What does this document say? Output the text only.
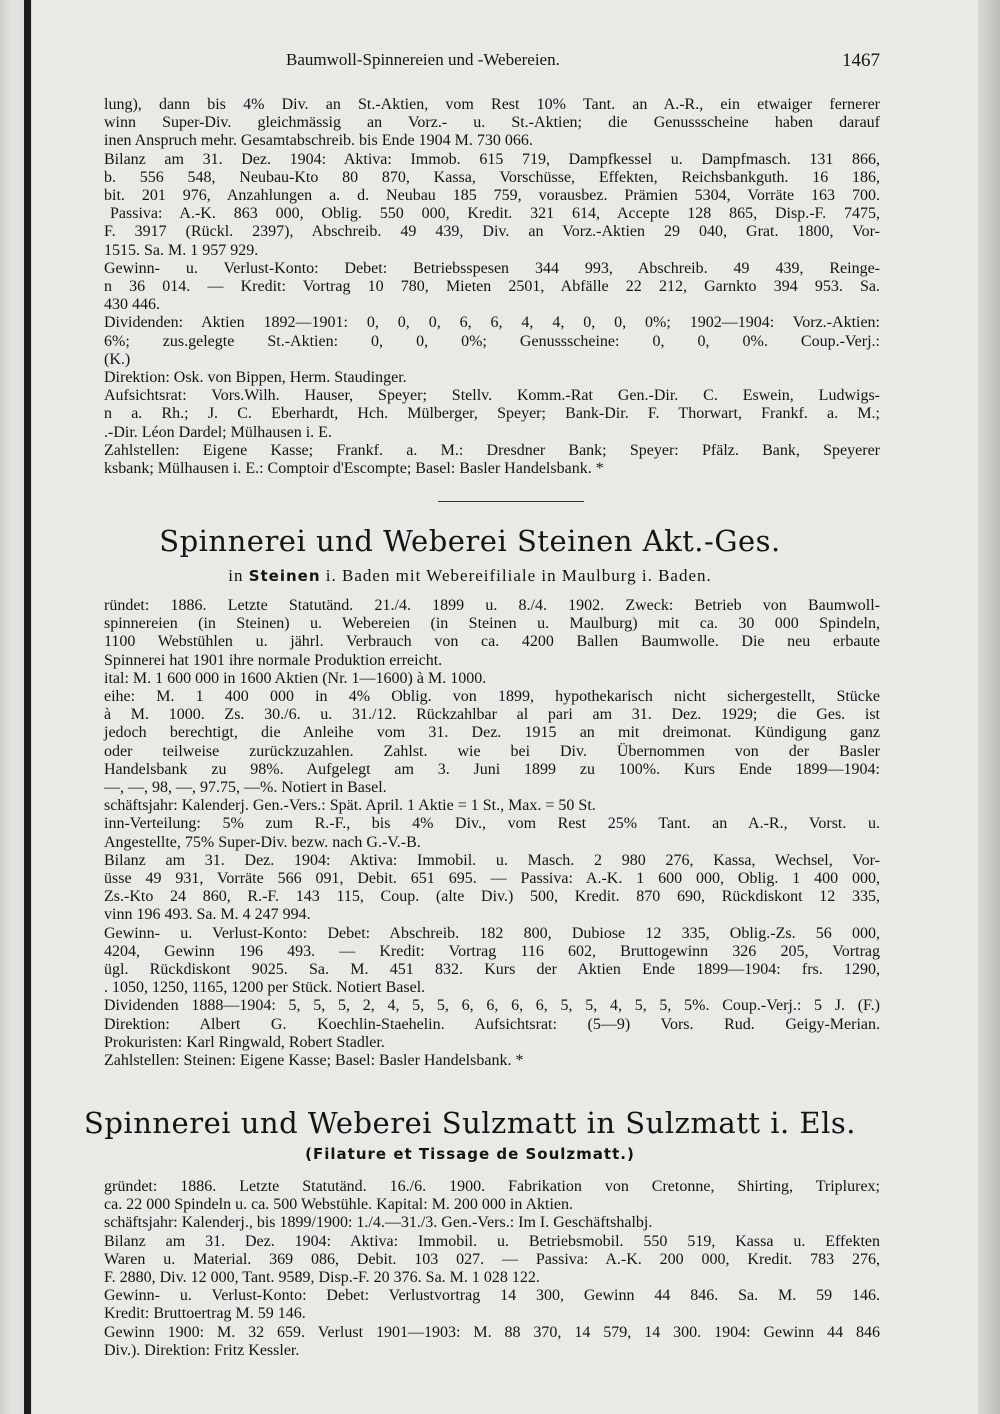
Baumwoll-Spinnereien und -Webereien.	1467
lung), dann bis 4% Div. an St.-Aktien, vom Rest 10% Tant. an A.-R., ein etwaiger fernerer
winn Super-Div. gleichmässig an Vorz.- u. St.-Aktien; die Genussscheine haben darauf
inen Anspruch mehr. Gesamtabschreib. bis Ende 1904 M. 730 066.
Bilanz am 31. Dez. 1904: Aktiva: Immob. 615 719, Dampfkessel u. Dampfmasch. 131 866,
b. 556 548, Neubau-Kto 80 870, Kassa, Vorschüsse, Effekten, Reichsbankguth. 16 186,
bit. 201 976, Anzahlungen a. d. Neubau 185 759, vorausbez. Prämien 5304, Vorräte 163 700.
Passiva: A.-K. 863 000, Oblig. 550 000, Kredit. 321 614, Accepte 128 865, Disp.-F. 7475,
F. 3917 (Rückl. 2397), Abschreib. 49 439, Div. an Vorz.-Aktien 29 040, Grat. 1800, Vor-
1515. Sa. M. 1 957 929.
Gewinn- u. Verlust-Konto: Debet: Betriebsspesen 344 993, Abschreib. 49 439, Reinge-
n 36 014. — Kredit: Vortrag 10 780, Mieten 2501, Abfälle 22 212, Garnkto 394 953. Sa.
430 446.
Dividenden: Aktien 1892—1901: 0, 0, 0, 6, 6, 4, 4, 0, 0, 0%; 1902—1904: Vorz.-Aktien:
6%; zus.gelegte St.-Aktien: 0, 0, 0%; Genussscheine: 0, 0, 0%. Coup.-Verj.:
(K.)
Direktion: Osk. von Bippen, Herm. Staudinger.
Aufsichtsrat: Vors.Wilh. Hauser, Speyer; Stellv. Komm.-Rat Gen.-Dir. C. Eswein, Ludwigs-
n a. Rh.; J. C. Eberhardt, Hch. Mülberger, Speyer; Bank-Dir. F. Thorwart, Frankf. a. M.;
.-Dir. Léon Dardel; Mülhausen i. E.
Zahlstellen: Eigene Kasse; Frankf. a. M.: Dresdner Bank; Speyer: Pfälz. Bank, Speyerer
ksbank; Mülhausen i. E.: Comptoir d'Escompte; Basel: Basler Handelsbank. *
Spinnerei und Weberei Steinen Akt.-Ges.
in Steinen i. Baden mit Webereifiliale in Maulburg i. Baden.
ründet: 1886. Letzte Statutänd. 21./4. 1899 u. 8./4. 1902. Zweck: Betrieb von Baumwoll-
spinnereien (in Steinen) u. Webereien (in Steinen u. Maulburg) mit ca. 30 000 Spindeln,
1100 Webstühlen u. jährl. Verbrauch von ca. 4200 Ballen Baumwolle. Die neu erbaute
Spinnerei hat 1901 ihre normale Produktion erreicht.
ital: M. 1 600 000 in 1600 Aktien (Nr. 1—1600) à M. 1000.
eihe: M. 1 400 000 in 4% Oblig. von 1899, hypothekarisch nicht sichergestellt, Stücke
à M. 1000. Zs. 30./6. u. 31./12. Rückzahlbar al pari am 31. Dez. 1929; die Ges. ist
jedoch berechtigt, die Anleihe vom 31. Dez. 1915 an mit dreimonat. Kündigung ganz
oder teilweise zurückzuzahlen. Zahlst. wie bei Div. Übernommen von der Basler
Handelsbank zu 98%. Aufgelegt am 3. Juni 1899 zu 100%. Kurs Ende 1899—1904:
—, —, 98, —, 97.75, —%. Notiert in Basel.
schäftsjahr: Kalenderj. Gen.-Vers.: Spät. April. 1 Aktie = 1 St., Max. = 50 St.
inn-Verteilung: 5% zum R.-F., bis 4% Div., vom Rest 25% Tant. an A.-R., Vorst. u.
Angestellte, 75% Super-Div. bezw. nach G.-V.-B.
Bilanz am 31. Dez. 1904: Aktiva: Immobil. u. Masch. 2 980 276, Kassa, Wechsel, Vor-
üsse 49 931, Vorräte 566 091, Debit. 651 695. — Passiva: A.-K. 1 600 000, Oblig. 1 400 000,
Zs.-Kto 24 860, R.-F. 143 115, Coup. (alte Div.) 500, Kredit. 870 690, Rückdiskont 12 335,
vinn 196 493. Sa. M. 4 247 994.
Gewinn- u. Verlust-Konto: Debet: Abschreib. 182 800, Dubiose 12 335, Oblig.-Zs. 56 000,
4204, Gewinn 196 493. — Kredit: Vortrag 116 602, Bruttogewinn 326 205, Vortrag
ügl. Rückdiskont 9025. Sa. M. 451 832. Kurs der Aktien Ende 1899—1904: frs. 1290,
. 1050, 1250, 1165, 1200 per Stück. Notiert Basel.
Dividenden 1888—1904: 5, 5, 5, 2, 4, 5, 5, 6, 6, 6, 6, 5, 5, 4, 5, 5, 5%. Coup.-Verj.: 5 J. (F.)
Direktion: Albert G. Koechlin-Staehelin. Aufsichtsrat: (5—9) Vors. Rud. Geigy-Merian.
Prokuristen: Karl Ringwald, Robert Stadler.
Zahlstellen: Steinen: Eigene Kasse; Basel: Basler Handelsbank. *
Spinnerei und Weberei Sulzmatt in Sulzmatt i. Els.
(Filature et Tissage de Soulzmatt.)
gründet: 1886. Letzte Statutänd. 16./6. 1900. Fabrikation von Cretonne, Shirting, Triplurex;
ca. 22 000 Spindeln u. ca. 500 Webstühle. Kapital: M. 200 000 in Aktien.
schäftsjahr: Kalenderj., bis 1899/1900: 1./4.—31./3. Gen.-Vers.: Im I. Geschäftshalbj.
Bilanz am 31. Dez. 1904: Aktiva: Immobil. u. Betriebsmobil. 550 519, Kassa u. Effekten
Waren u. Material. 369 086, Debit. 103 027. — Passiva: A.-K. 200 000, Kredit. 783 276,
F. 2880, Div. 12 000, Tant. 9589, Disp.-F. 20 376. Sa. M. 1 028 122.
Gewinn- u. Verlust-Konto: Debet: Verlustvortrag 14 300, Gewinn 44 846. Sa. M. 59 146.
Kredit: Bruttoertrag M. 59 146.
Gewinn 1900: M. 32 659. Verlust 1901—1903: M. 88 370, 14 579, 14 300. 1904: Gewinn 44 846
Div.). Direktion: Fritz Kessler.
